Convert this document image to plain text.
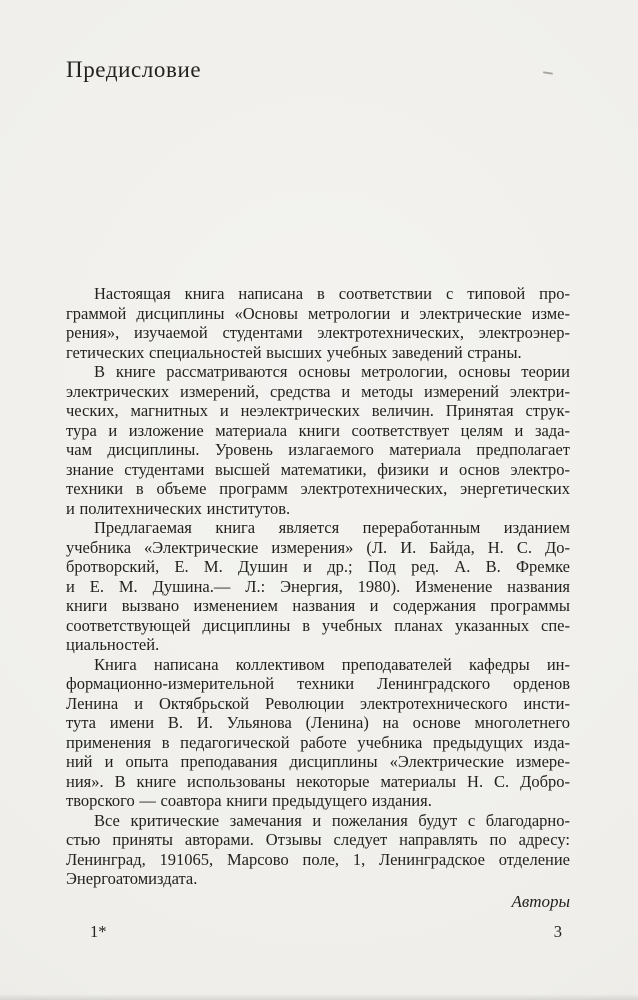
Предисловие
Настоящая книга написана в соответствии с типовой про-
граммой дисциплины «Основы метрологии и электрические изме-
рения», изучаемой студентами электротехнических, электроэнер-
гетических специальностей высших учебных заведений страны.
В книге рассматриваются основы метрологии, основы теории
электрических измерений, средства и методы измерений электри-
ческих, магнитных и неэлектрических величин. Принятая струк-
тура и изложение материала книги соответствует целям и зада-
чам дисциплины. Уровень излагаемого материала предполагает
знание студентами высшей математики, физики и основ электро-
техники в объеме программ электротехнических, энергетических
и политехнических институтов.
Предлагаемая книга является переработанным изданием
учебника «Электрические измерения» (Л. И. Байда, Н. С. До-
бротворский, Е. М. Душин и др.; Под ред. А. В. Фремке
и Е. М. Душина.— Л.: Энергия, 1980). Изменение названия
книги вызвано изменением названия и содержания программы
соответствующей дисциплины в учебных планах указанных спе-
циальностей.
Книга написана коллективом преподавателей кафедры ин-
формационно-измерительной техники Ленинградского орденов
Ленина и Октябрьской Революции электротехнического инсти-
тута имени В. И. Ульянова (Ленина) на основе многолетнего
применения в педагогической работе учебника предыдущих изда-
ний и опыта преподавания дисциплины «Электрические измере-
ния». В книге использованы некоторые материалы Н. С. Добро-
творского — соавтора книги предыдущего издания.
Все критические замечания и пожелания будут с благодарно-
стью приняты авторами. Отзывы следует направлять по адресу:
Ленинград, 191065, Марсово поле, 1, Ленинградское отделение
Энергоатомиздата.
Авторы
1*	3
